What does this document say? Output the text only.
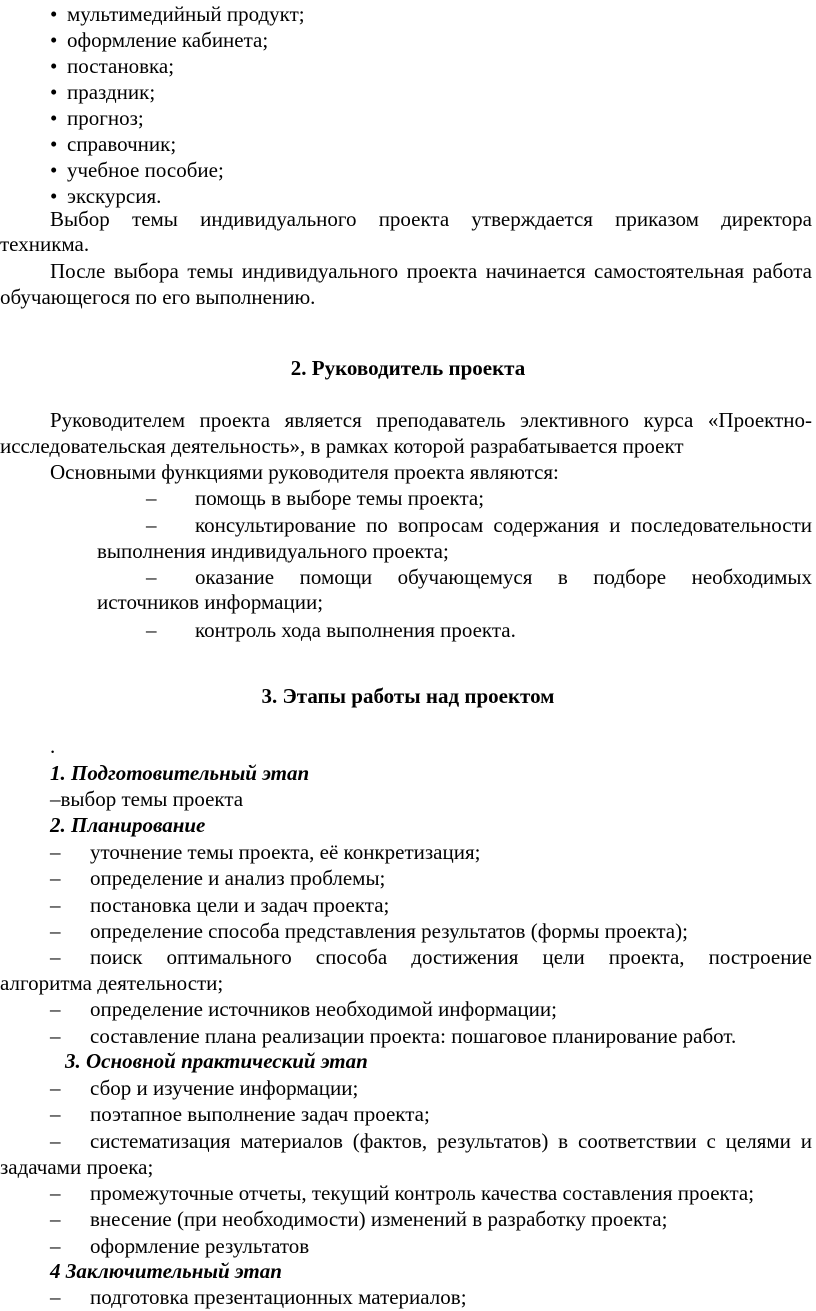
• мультимедийный продукт;
• оформление кабинета;
• постановка;
• праздник;
• прогноз;
• справочник;
• учебное пособие;
• экскурсия.
Выбор темы индивидуального проекта утверждается приказом директора
техникма.
После выбора темы индивидуального проекта начинается самостоятельная работа
обучающегося по его выполнению.
2. Руководитель проекта
Руководителем проекта является преподаватель элективного курса «Проектно-
исследовательская деятельность», в рамках которой разрабатывается проект
Основными функциями руководителя проекта являются:
– помощь в выборе темы проекта;
– консультирование по вопросам содержания и последовательности
выполнения индивидуального проекта;
– оказание помощи обучающемуся в подборе необходимых
источников информации;
– контроль хода выполнения проекта.
3. Этапы работы над проектом
.
1. Подготовительный этап
–выбор темы проекта
2. Планирование
– уточнение темы проекта, её конкретизация;
– определение и анализ проблемы;
– постановка цели и задач проекта;
– определение способа представления результатов (формы проекта);
– поиск оптимального способа достижения цели проекта, построение
алгоритма деятельности;
– определение источников необходимой информации;
– составление плана реализации проекта: пошаговое планирование работ.
3. Основной практический этап
– сбор и изучение информации;
– поэтапное выполнение задач проекта;
– систематизация материалов (фактов, результатов) в соответствии с целями и
задачами проека;
– промежуточные отчеты, текущий контроль качества составления проекта;
– внесение (при необходимости) изменений в разработку проекта;
– оформление результатов
4 Заключительный этап
– подготовка презентационных материалов;
